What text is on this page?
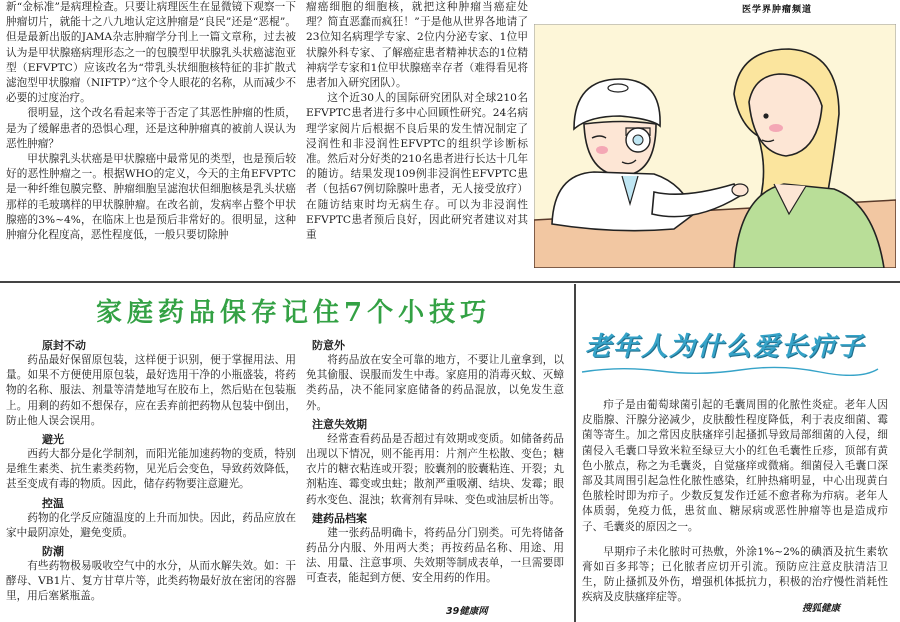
新“金标准”是病理检查。只要让病理医生在显微镜下观察一下肿瘤切片，就能十之八九地认定这肿瘤是“良民”还是“恶棍”。但是最新出版的JAMA杂志肿瘤学分刊上一篇文章称，过去被认为是甲状腺癌病理形态之一的包膜型甲状腺乳头状癌滤泡亚型（EFVPTC）应该改名为“带乳头状细胞核特征的非扩散式滤泡型甲状腺瘤（NIFTP）”这个令人眼花的名称，从而减少不必要的过度治疗。

很明显，这个改名看起来等于否定了其恶性肿瘤的性质，是为了缓解患者的恐惧心理，还是这种肿瘤真的被前人误认为恶性肿瘤？

甲状腺乳头状癌是甲状腺癌中最常见的类型，也是预后较好的恶性肿瘤之一。根据WHO的定义，今天的主角EFVPTC是一种纤维包膜完整、肿瘤细胞呈滤泡状但细胞核是乳头状癌那样的毛玻璃样的甲状腺肿瘤。在改名前，发病率占整个甲状腺癌的3%~4%，在临床上也是预后非常好的。很明显，这种肿瘤分化程度高，恶性程度低，一般只要切除肿

瘤癌细胞的细胞核，就把这种肿瘤当癌症处理？简直恶蠢而疯狂！”于是他从世界各地请了23位知名病理学专家、2位内分泌专家、1位甲状腺外科专家、了解癌症患者精神状态的1位精神病学专家和1位甲状腺癌幸存者（难得看见将患者加入研究团队）。

这个近30人的国际研究团队对全球210名EFVPTC患者进行多中心回顾性研究。24名病理学家阅片后根据不良后果的发生情况制定了浸润性和非浸润性EFVPTC的组织学诊断标准。然后对分好类的210名患者进行长达十几年的随访。结果发现109例非浸润性EFVPTC患者（包括67例切除腺叶患者，无人接受放疗）在随访结束时均无病生存。可以为非浸润性EFVPTC患者预后良好，因此研究者建议对其重

医学界肿瘤频道
家庭药品保存记住7个小技巧
原封不动

药品最好保留原包装，这样便于识别，便于掌握用法、用量。如果不方便使用原包装，最好选用干净的小瓶盛装，将药物的名称、服法、剂量等清楚地写在胶布上，然后贴在包装瓶上。用剩的药如不想保存，应在丢弃前把药物从包装中倒出，防止他人误会误用。

避光

西药大都分是化学制剂，而阳光能加速药物的变质，特别是维生素类、抗生素类药物，见光后会变色，导致药效降低，甚至变成有毒的物质。因此，储存药物要注意避光。

控温

药物的化学反应随温度的上升而加快。因此，药品应放在家中最阴凉处，避免变质。

防潮

有些药物极易吸收空气中的水分，从而水解失效。如：干酵母、VB1片、复方甘草片等，此类药物最好放在密闭的容器里，用后塞紧瓶盖。

防意外

将药品放在安全可靠的地方，不要让儿童拿到，以免其偷服、误服而发生中毒。家庭用的消毒灭蚊、灭蟑类药品，决不能同家庭储备的药品混放，以免发生意外。

注意失效期

经常查看药品是否超过有效期或变质。如储备药品出现以下情况，则不能再用：片剂产生松散、变色；糖衣片的糖衣粘连或开裂；胶囊剂的胶囊粘连、开裂；丸剂粘连、霉变或虫蛀；散剂严重吸潮、结块、发霉；眼药水变色、混浊；软膏剂有异味、变色或油层析出等。

建药品档案

建一张药品明确卡，将药品分门别类。可先将储备药品分内服、外用两大类；再按药品名称、用途、用法、用量、注意事项、失效期等制成表单，一旦需要即可查表，能起到方便、安全用药的作用。

39健康网
老年人为什么爱长疖子

疖子是由葡萄球菌引起的毛囊周围的化脓性炎症。老年人因皮脂腺、汗腺分泌减少，皮肤酸性程度降低，利于表皮细菌、霉菌等寄生。加之常因皮肤瘙痒引起搔抓导致局部细菌的入侵，细菌侵入毛囊口导致米粒至绿豆大小的红色毛囊性丘疹，顶部有黄色小脓点，称之为毛囊炎，自觉瘙痒或微痛。细菌侵入毛囊口深部及其周围引起急性化脓性感染，红肿热痛明显，中心出现黄白色脓栓时即为疖子。少数反复发作迁延不愈者称为疖病。老年人体质弱，免疫力低，患贫血、糖尿病或恶性肿瘤等也是造成疖子、毛囊炎的原因之一。

早期疖子未化脓时可热敷，外涂1%~2%的碘酒及抗生素软膏如百多邦等；已化脓者应切开引流。预防应注意皮肤清洁卫生，防止搔抓及外伤，增强机体抵抗力，积极的治疗慢性消耗性疾病及皮肤瘙痒症等。

搜狐健康
